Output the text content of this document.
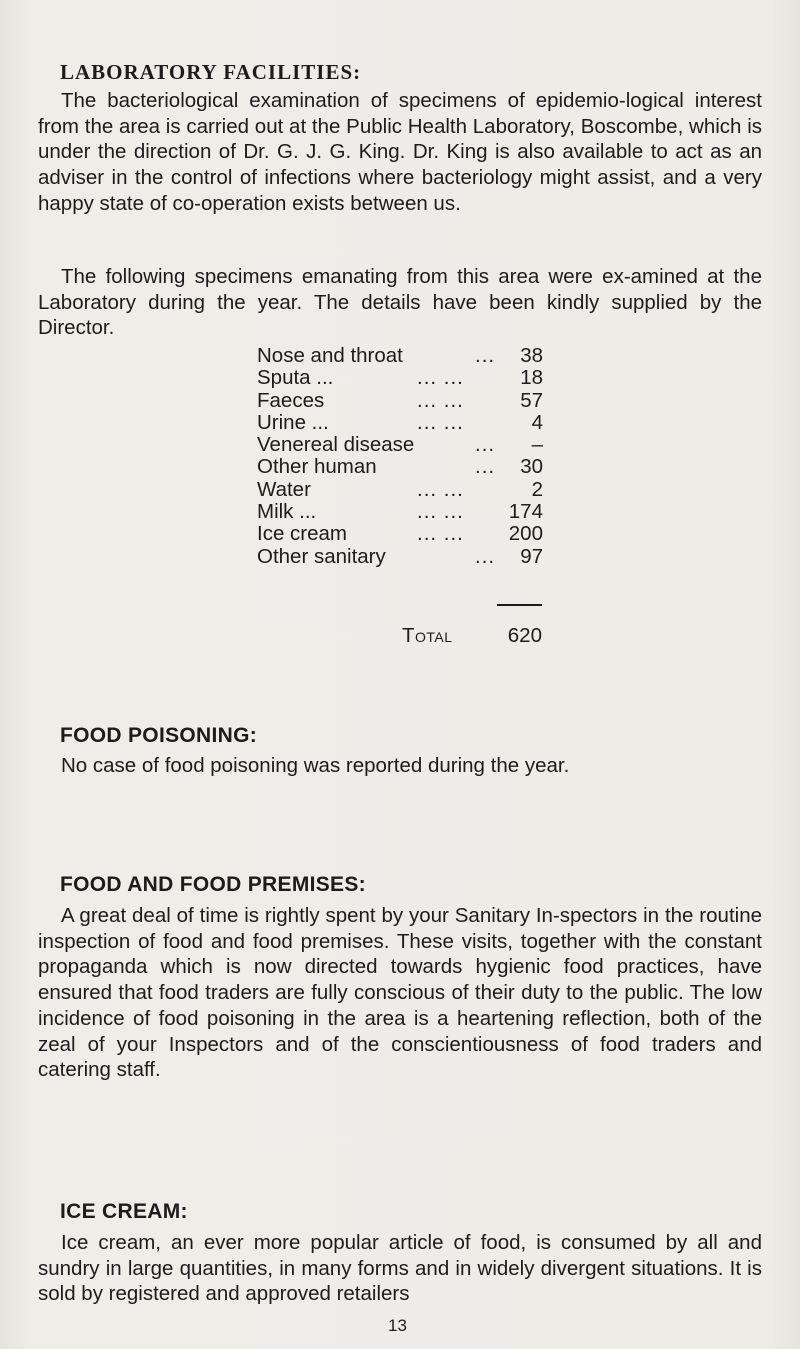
LABORATORY FACILITIES:

The bacteriological examination of specimens of epidemio-logical interest from the area is carried out at the Public Health Laboratory, Boscombe, which is under the direction of Dr. G. J. G. King. Dr. King is also available to act as an adviser in the control of infections where bacteriology might assist, and a very happy state of co-operation exists between us.

The following specimens emanating from this area were ex-amined at the Laboratory during the year. The details have been kindly supplied by the Director.

Nose and throat	... 38
Sputa ...	... ...	18
Faeces	... ...	57
Urine ...	... ...	4
Venereal disease	... –
Other human	... 30
Water	... ...	2
Milk ...	... ... 174
Ice cream	... ... 200
Other sanitary	... 97
Total	620
FOOD POISONING:

No case of food poisoning was reported during the year.

FOOD AND FOOD PREMISES:

A great deal of time is rightly spent by your Sanitary In-spectors in the routine inspection of food and food premises. These visits, together with the constant propaganda which is now directed towards hygienic food practices, have ensured that food traders are fully conscious of their duty to the public. The low incidence of food poisoning in the area is a heartening reflection, both of the zeal of your Inspectors and of the conscientiousness of food traders and catering staff.

ICE CREAM:

Ice cream, an ever more popular article of food, is consumed by all and sundry in large quantities, in many forms and in widely divergent situations. It is sold by registered and approved retailers

13
